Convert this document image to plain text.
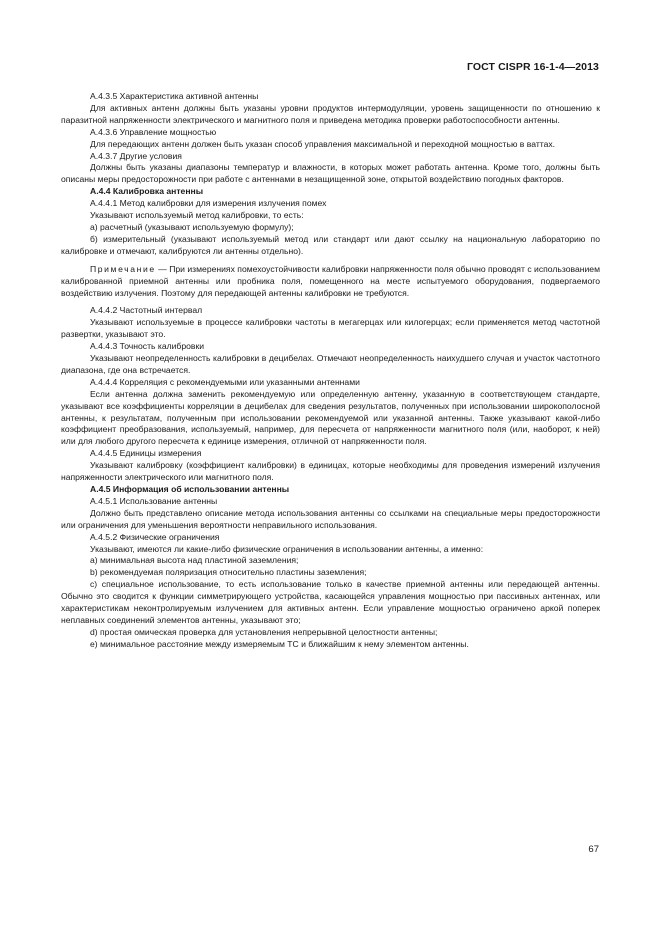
ГОСТ CISPR 16-1-4—2013

А.4.3.5 Характеристика активной антенны

Для активных антенн должны быть указаны уровни продуктов интермодуляции, уровень защищенности по отношению к паразитной напряженности электрического и магнитного поля и приведена методика проверки работоспособности антенны.

А.4.3.6 Управление мощностью

Для передающих антенн должен быть указан способ управления максимальной и переходной мощностью в ваттах.

А.4.3.7 Другие условия

Должны быть указаны диапазоны температур и влажности, в которых может работать антенна. Кроме того, должны быть описаны меры предосторожности при работе с антеннами в незащищенной зоне, открытой воздействию погодных факторов.

А.4.4 Калибровка антенны

А.4.4.1 Метод калибровки для измерения излучения помех

Указывают используемый метод калибровки, то есть:

а) расчетный (указывают используемую формулу);

б) измерительный (указывают используемый метод или стандарт или дают ссылку на национальную лабораторию по калибровке и отмечают, калибруются ли антенны отдельно).

Примечание — При измерениях помехоустойчивости калибровки напряженности поля обычно проводят с использованием калиброванной приемной антенны или пробника поля, помещенного на месте испытуемого оборудования, подвергаемого воздействию излучения. Поэтому для передающей антенны калибровки не требуются.

А.4.4.2 Частотный интервал

Указывают используемые в процессе калибровки частоты в мегагерцах или килогерцах; если применяется метод частотной развертки, указывают это.

А.4.4.3 Точность калибровки

Указывают неопределенность калибровки в децибелах. Отмечают неопределенность наихудшего случая и участок частотного диапазона, где она встречается.

А.4.4.4 Корреляция с рекомендуемыми или указанными антеннами

Если антенна должна заменить рекомендуемую или определенную антенну, указанную в соответствующем стандарте, указывают все коэффициенты корреляции в децибелах для сведения результатов, полученных при использовании широкополосной антенны, к результатам, полученным при использовании рекомендуемой или указанной антенны. Также указывают какой-либо коэффициент преобразования, используемый, например, для пересчета от напряженности магнитного поля (или, наоборот, к ней) или для любого другого пересчета к единице измерения, отличной от напряженности поля.

А.4.4.5 Единицы измерения

Указывают калибровку (коэффициент калибровки) в единицах, которые необходимы для проведения измерений излучения напряженности электрического или магнитного поля.

А.4.5 Информация об использовании антенны

А.4.5.1 Использование антенны

Должно быть представлено описание метода использования антенны со ссылками на специальные меры предосторожности или ограничения для уменьшения вероятности неправильного использования.

А.4.5.2 Физические ограничения

Указывают, имеются ли какие-либо физические ограничения в использовании антенны, а именно:

а) минимальная высота над пластиной заземления;

b) рекомендуемая поляризация относительно пластины заземления;

с) специальное использование, то есть использование только в качестве приемной антенны или передающей антенны. Обычно это сводится к функции симметрирующего устройства, касающейся управления мощностью при пассивных антеннах, или характеристикам неконтролируемым излучением для активных антенн. Если управление мощностью ограничено аркой поперек неплавных соединений элементов антенны, указывают это;

d) простая омическая проверка для установления непрерывной целостности антенны;

е) минимальное расстояние между измеряемым ТС и ближайшим к нему элементом антенны.

67
